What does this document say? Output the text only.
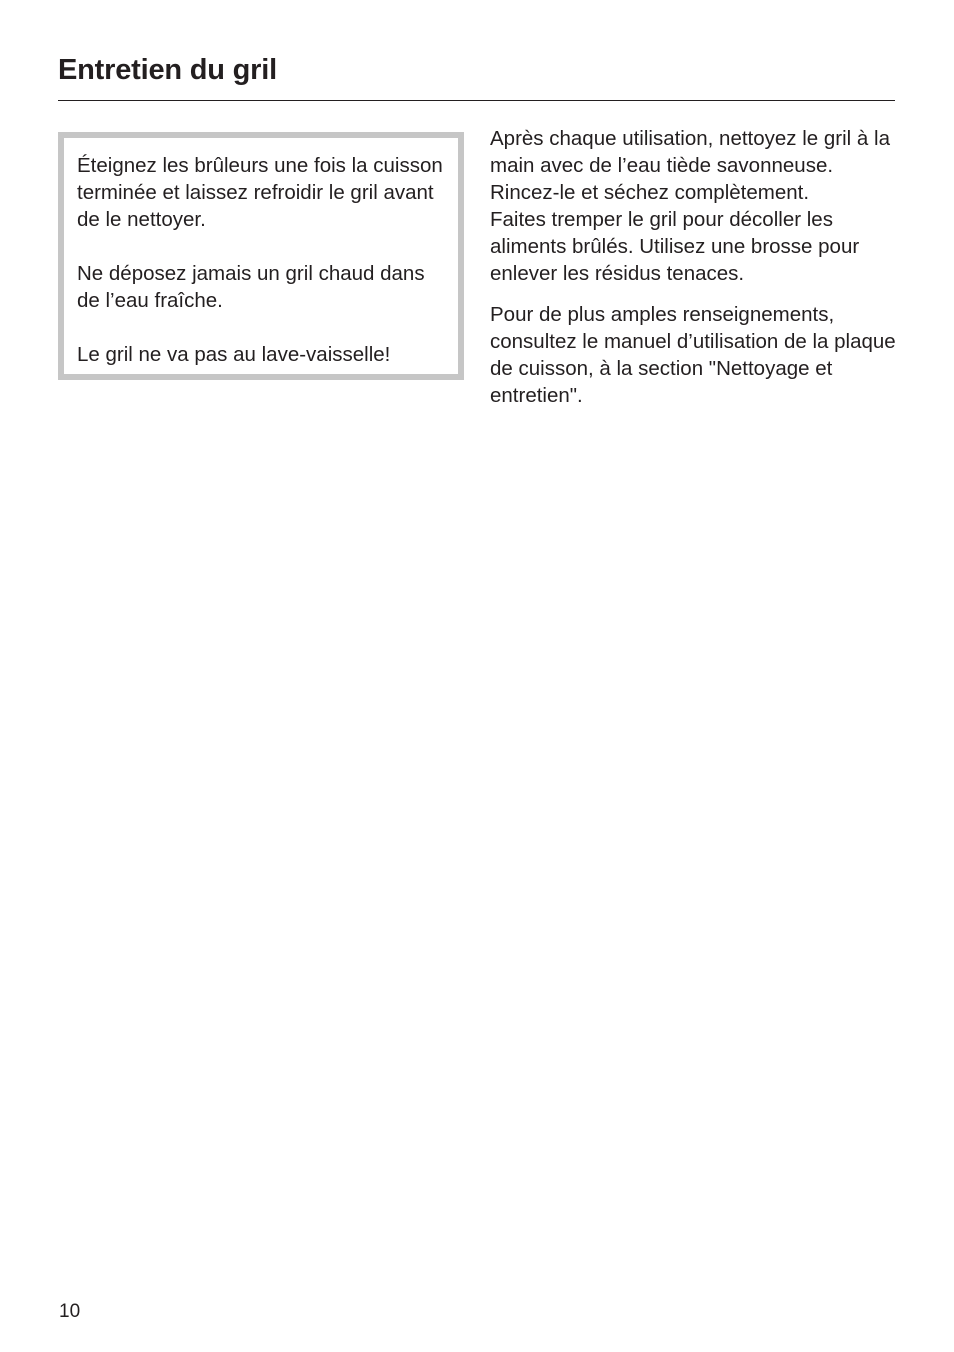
Entretien du gril

Éteignez les brûleurs une fois la cuisson terminée et laissez refroidir le gril avant de le nettoyer.

Ne déposez jamais un gril chaud dans de l’eau fraîche.

Le gril ne va pas au lave-vaisselle!

Après chaque utilisation, nettoyez le gril à la main avec de l’eau tiède savonneuse. Rincez-le et séchez complètement.

Faites tremper le gril pour décoller les aliments brûlés. Utilisez une brosse pour enlever les résidus tenaces.

Pour de plus amples renseignements, consultez le manuel d’utilisation de la plaque de cuisson, à la section "Nettoyage et entretien".

10
